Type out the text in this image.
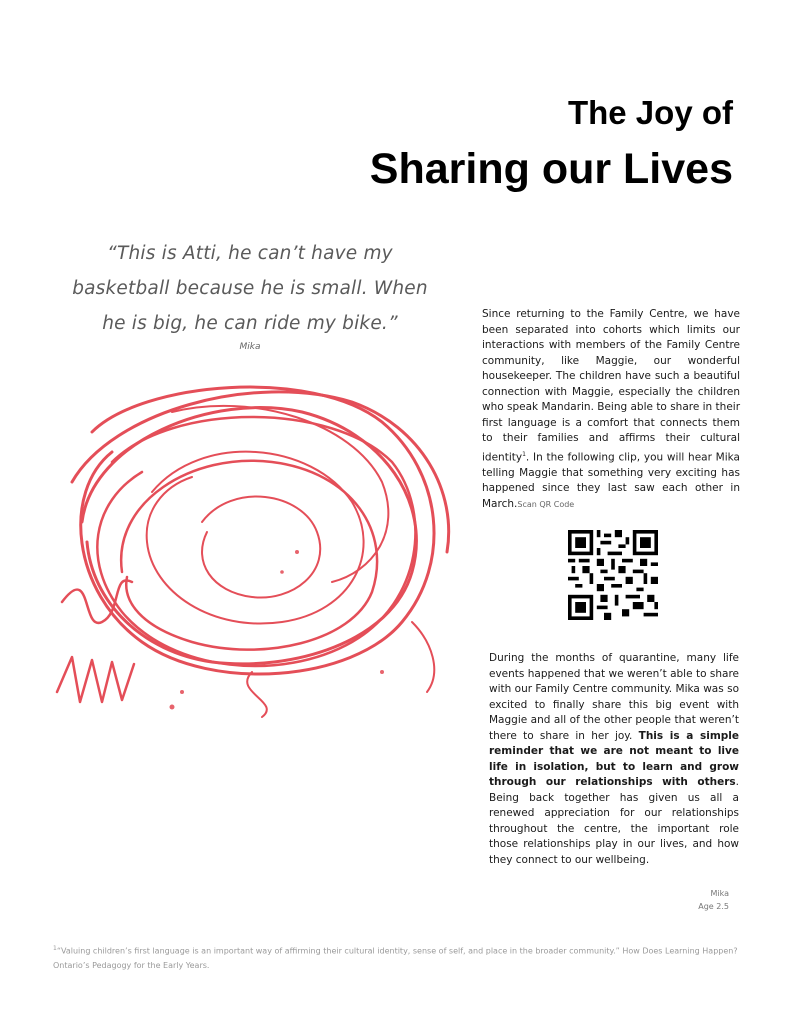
The Joy of
Sharing our Lives
“This is Atti, he can’t have my basketball because he is small. When he is big, he can ride my bike.”
Mika

Since returning to the Family Centre, we have been separated into cohorts which limits our interactions with members of the Family Centre community, like Maggie, our wonderful housekeeper. The children have such a beautiful connection with Maggie, especially the children who speak Mandarin. Being able to share in their first language is a comfort that connects them to their families and affirms their cultural identity$^1$. In the following clip, you will hear Mika telling Maggie that something very exciting has happened since they last saw each other in March.Scan QR Code

During the months of quarantine, many life events happened that we weren’t able to share with our Family Centre community. Mika was so excited to finally share this big event with Maggie and all of the other people that weren’t there to share in her joy. This is a simple reminder that we are not meant to live life in isolation, but to learn and grow through our relationships with others. Being back together has given us all a renewed appreciation for our relationships throughout the centre, the important role those relationships play in our lives, and how they connect to our wellbeing.

Mika
Age 2.5

$^1$“Valuing children’s first language is an important way of affirming their cultural identity, sense of self, and place in the broader community.” How Does Learning Happen? Ontario’s Pedagogy for the Early Years.
